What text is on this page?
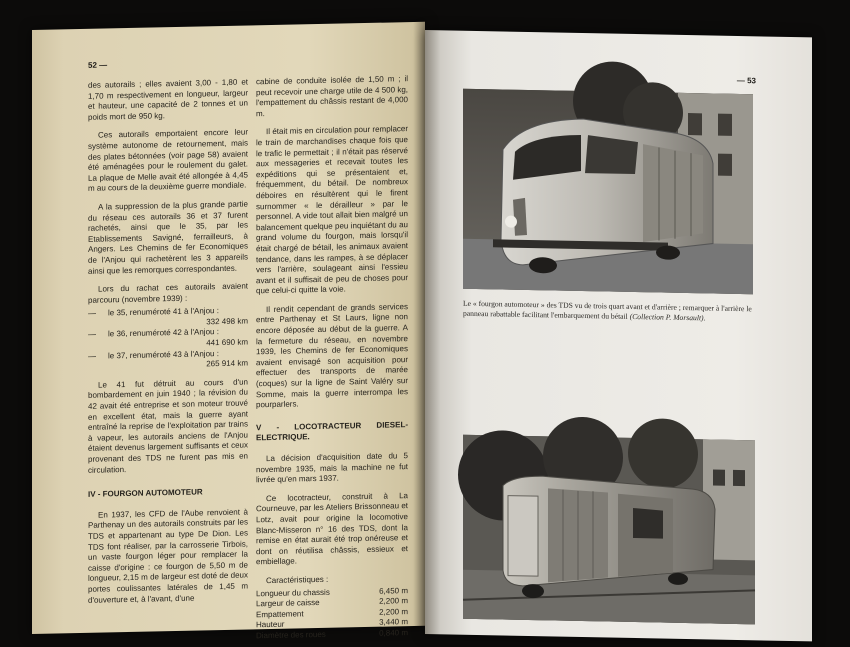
52 —

des autorails ; elles avaient 3,00 - 1,80 et 1,70 m respectivement en longueur, largeur et hauteur, une capacité de 2 tonnes et un poids mort de 950 kg.

Ces autorails emportaient encore leur système autonome de retournement, mais des plates bétonnées (voir page 58) avaient été aménagées pour le roulement du galet. La plaque de Melle avait été allongée à 4,45 m au cours de la deuxième guerre mondiale.

A la suppression de la plus grande partie du réseau ces autorails 36 et 37 furent rachetés, ainsi que le 35, par les Etablissements Savigné, ferrailleurs, à Angers. Les Chemins de fer Economiques de l'Anjou qui rachetèrent les 3 appareils ainsi que les remorques correspondantes.

Lors du rachat ces autorails avaient parcouru (novembre 1939) :

—	le 35, renuméroté 41 à l'Anjou :
332 498 km
—	le 36, renuméroté 42 à l'Anjou :
441 690 km
—	le 37, renuméroté 43 à l'Anjou :
265 914 km

Le 41 fut détruit au cours d'un bombardement en juin 1940 ; la révision du 42 avait été entreprise et son moteur trouvé en excellent état, mais la guerre ayant entraîné la reprise de l'exploitation par trains à vapeur, les autorails anciens de l'Anjou étaient devenus largement suffisants et ceux provenant des TDS ne furent pas mis en circulation.

IV - FOURGON AUTOMOTEUR

En 1937, les CFD de l'Aube renvoient à Parthenay un des autorails construits par les TDS et appartenant au type De Dion. Les TDS font réaliser, par la carrosserie Tirbois, un vaste fourgon léger pour remplacer la caisse d'origine : ce fourgon de 5,50 m de longueur, 2,15 m de largeur est doté de deux portes coulissantes latérales de 1,45 m d'ouverture et, à l'avant, d'une

cabine de conduite isolée de 1,50 m ; il peut recevoir une charge utile de 4 500 kg, l'empattement du châssis restant de 4,000 m.

Il était mis en circulation pour remplacer le train de marchandises chaque fois que le trafic le permettait ; il n'était pas réservé aux messageries et recevait toutes les expéditions qui se présentaient et, fréquemment, du bétail. De nombreux déboires en résultèrent qui le firent surnommer « le dérailleur » par le personnel. A vide tout allait bien malgré un balancement quelque peu inquiétant du au grand volume du fourgon, mais lorsqu'il était chargé de bétail, les animaux avaient tendance, dans les rampes, à se déplacer vers l'arrière, soulageant ainsi l'essieu avant et il suffisait de peu de choses pour que celui-ci quitte la voie.

Il rendit cependant de grands services entre Parthenay et St Laurs, ligne non encore déposée au début de la guerre. A la fermeture du réseau, en novembre 1939, les Chemins de fer Economiques avaient envisagé son acquisition pour effectuer des transports de marée (coques) sur la ligne de Saint Valéry sur Somme, mais la guerre interrompa les pourparlers.

V - LOCOTRACTEUR DIESEL-ELECTRIQUE.

La décision d'acquisition date du 5 novembre 1935, mais la machine ne fut livrée qu'en mars 1937.

Ce locotracteur, construit à La Courneuve, par les Ateliers Brissonneau et Lotz, avait pour origine la locomotive Blanc-Misseron n° 16 des TDS, dont la remise en état aurait été trop onéreuse et dont on réutilisa châssis, essieux et embiellage.

Caractéristiques :

Longueur du chassis	6,450 m
Largeur de caisse	2,200 m
Empattement	2,200 m
Hauteur	3,440 m
Diamètre des roues	0,840 m
— 53
Le « fourgon automoteur » des TDS vu de trois quart avant et d'arrière ; remarquer à l'arrière le panneau rabattable facilitant l'embarquement du bétail (Collection P. Morsault).
